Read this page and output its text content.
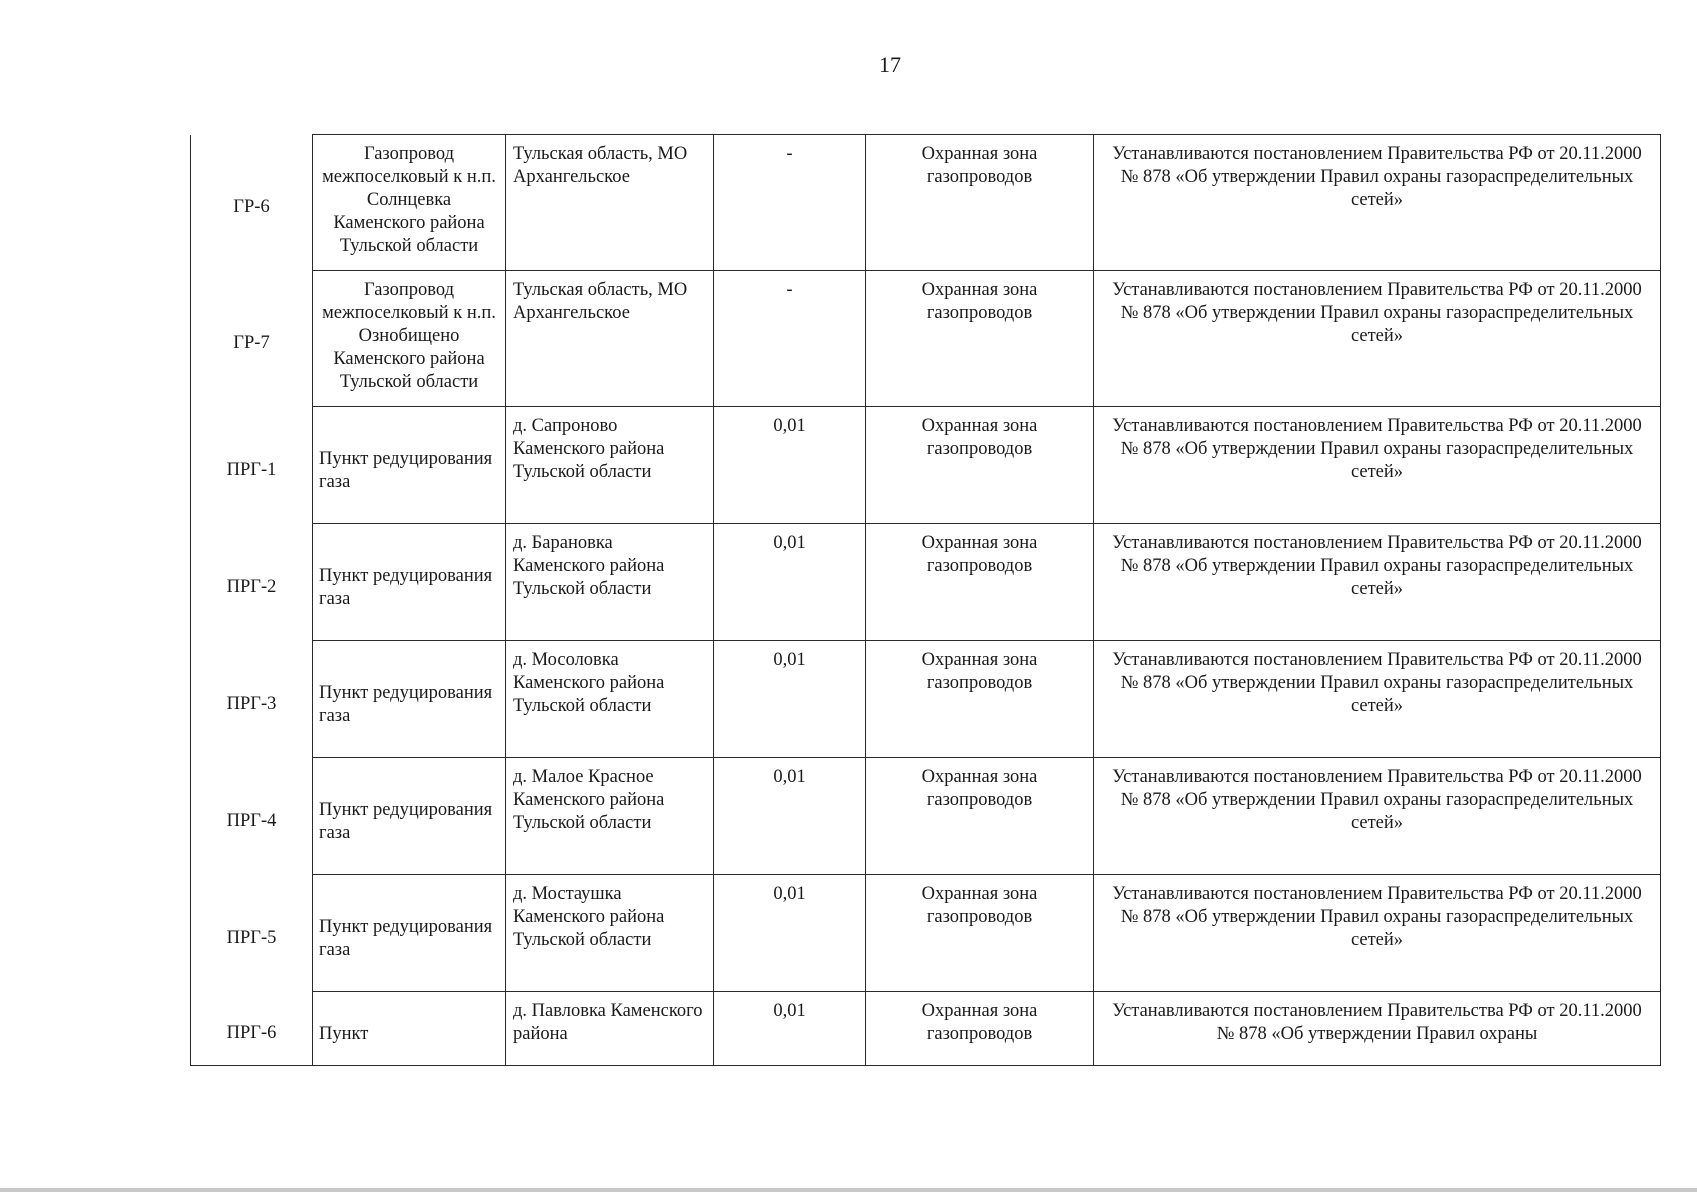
17
ГР-6	Газопровод межпоселковый к н.п. Солнцевка Каменского района Тульской области	Тульская область, МО Архангельское	-	Охранная зона газопроводов	Устанавливаются постановлением Правительства РФ от 20.11.2000 № 878 «Об утверждении Правил охраны газораспределительных сетей»
ГР-7	Газопровод межпоселковый к н.п. Ознобищено Каменского района Тульской области	Тульская область, МО Архангельское	-	Охранная зона газопроводов	Устанавливаются постановлением Правительства РФ от 20.11.2000 № 878 «Об утверждении Правил охраны газораспределительных сетей»
ПРГ-1	Пункт редуцирования газа	д. Сапроново Каменского района Тульской области	0,01	Охранная зона газопроводов	Устанавливаются постановлением Правительства РФ от 20.11.2000 № 878 «Об утверждении Правил охраны газораспределительных сетей»
ПРГ-2	Пункт редуцирования газа	д. Барановка Каменского района Тульской области	0,01	Охранная зона газопроводов	Устанавливаются постановлением Правительства РФ от 20.11.2000 № 878 «Об утверждении Правил охраны газораспределительных сетей»
ПРГ-3	Пункт редуцирования газа	д. Мосоловка Каменского района Тульской области	0,01	Охранная зона газопроводов	Устанавливаются постановлением Правительства РФ от 20.11.2000 № 878 «Об утверждении Правил охраны газораспределительных сетей»
ПРГ-4	Пункт редуцирования газа	д. Малое Красное Каменского района Тульской области	0,01	Охранная зона газопроводов	Устанавливаются постановлением Правительства РФ от 20.11.2000 № 878 «Об утверждении Правил охраны газораспределительных сетей»
ПРГ-5	Пункт редуцирования газа	д. Мостаушка Каменского района Тульской области	0,01	Охранная зона газопроводов	Устанавливаются постановлением Правительства РФ от 20.11.2000 № 878 «Об утверждении Правил охраны газораспределительных сетей»
ПРГ-6	Пункт	д. Павловка Каменского района	0,01	Охранная зона газопроводов	Устанавливаются постановлением Правительства РФ от 20.11.2000 № 878 «Об утверждении Правил охраны
